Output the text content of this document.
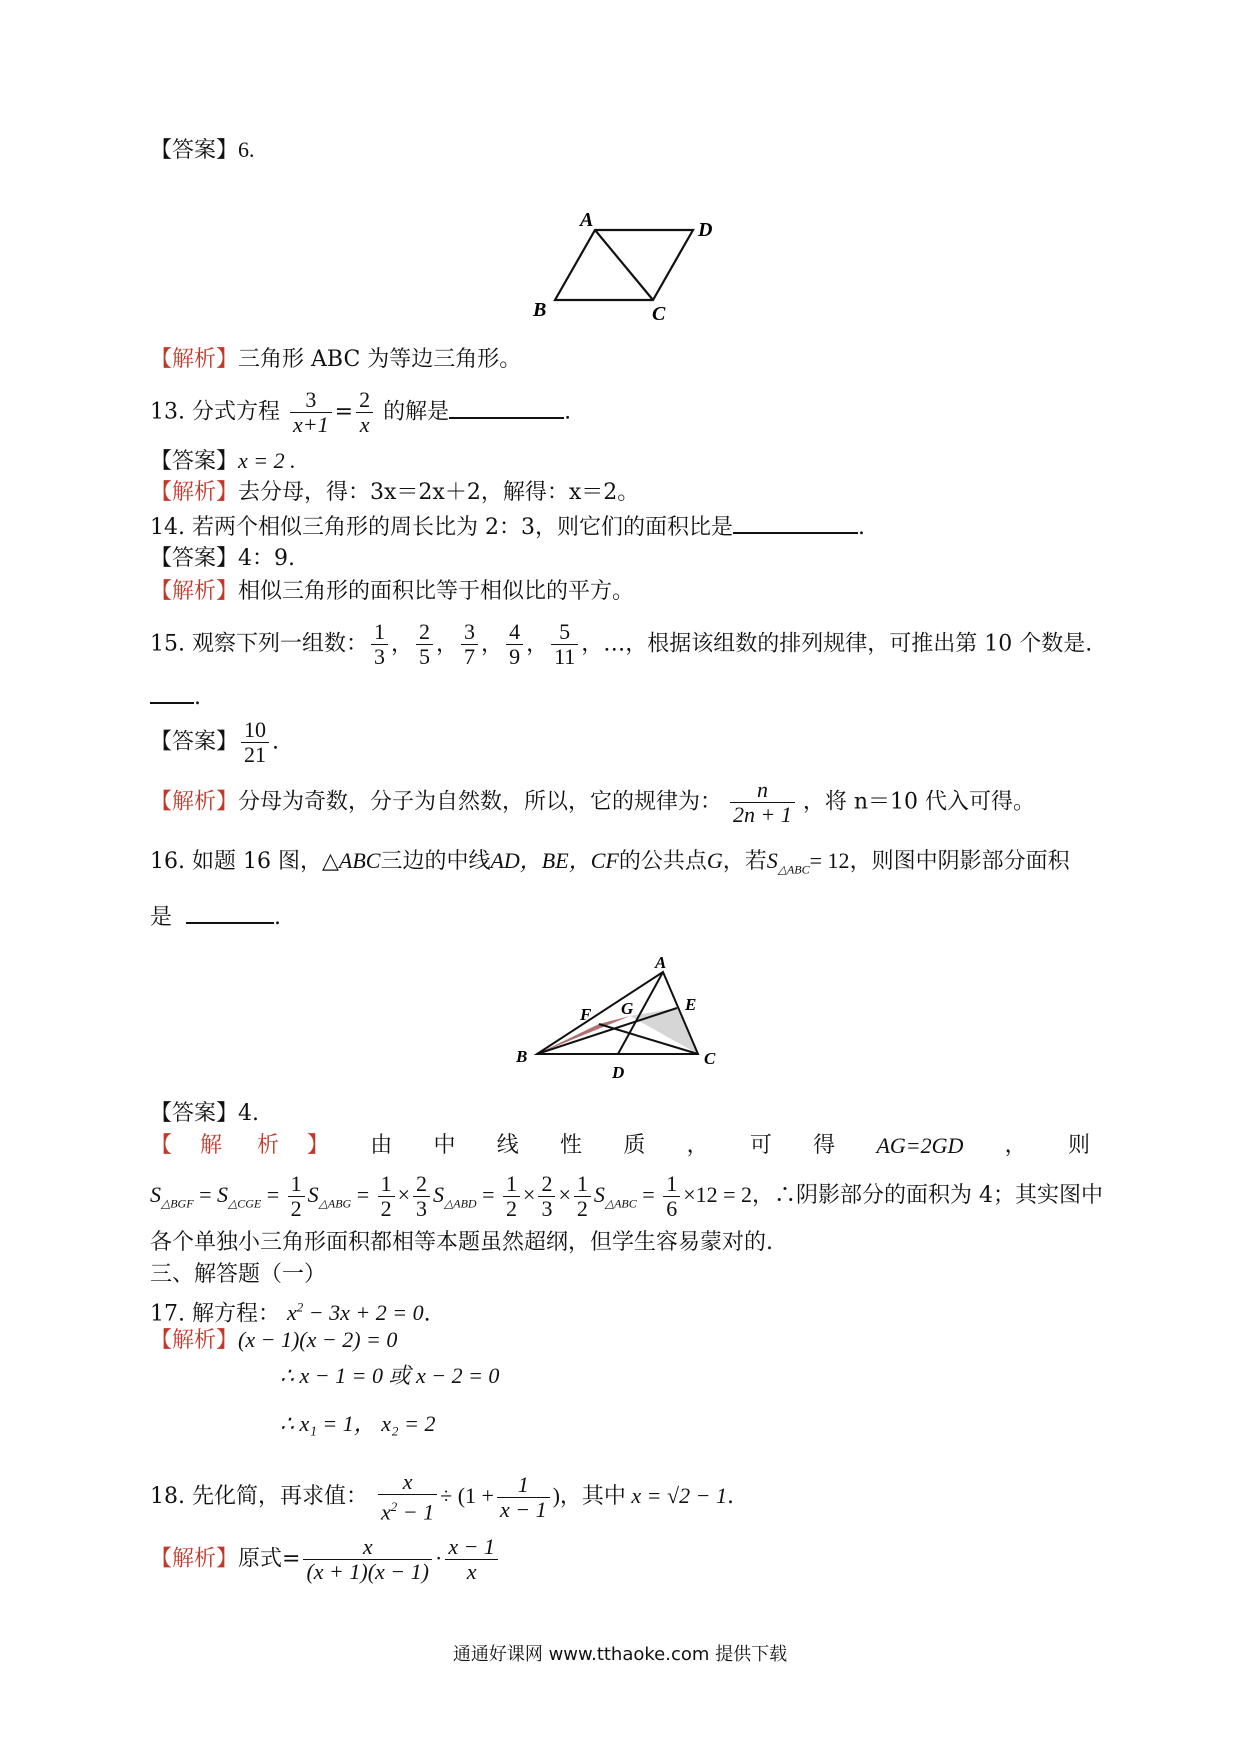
【答案】6.
A	D
B	C
【解析】三角形 ABC 为等边三角形。
13. 分式方程 $\frac{3}{x+1} = \frac{2}{x}$ 的解是	.
【答案】x = 2 .
【解析】去分母，得：3x＝2x＋2，解得：x＝2。
14. 若两个相似三角形的周长比为 2：3，则它们的面积比是	.
【答案】4：9.
【解析】相似三角形的面积比等于相似比的平方。
15. 观察下列一组数： $\frac{1}{3}$ ， $\frac{2}{5}$ ， $\frac{3}{7}$ ， $\frac{4}{9}$ ， $\frac{5}{11}$ ，…，根据该组数的排列规律，可推出第 10 个数是.
.
【答案】 $\frac{10}{21}$ .
【解析】分母为奇数，分子为自然数，所以，它的规律为： $\frac{n}{2n + 1}$ ，将 n＝10 代入可得。
16. 如题 16 图，△ABC三边的中线AD，BE，CF的公共点G，若$S_{\triangle ABC}= 12$，则图中阴影部分面积
是	.
A
F G	E
B
D
C
【答案】4.
【    解     析    】 由 中 线 性 质 ， 可 得 AG=2GD ， 则
$S_{\triangle BGF} = S_{\triangle CGE} = \frac{1}{2} S_{\triangle ABG} = \frac{1}{2} \times \frac{2}{3} S_{\triangle ABD} = \frac{1}{2} \times \frac{2}{3} \times \frac{1}{2} S_{\triangle ABC} = \frac{1}{6} \times 12 = 2$，∴阴影部分的面积为 4；其实图中
各个单独小三角形面积都相等本题虽然超纲，但学生容易蒙对的.
三、解答题（一）
17. 解方程： $x^2 - 3x + 2 = 0$.
【解析】(x − 1)(x − 2) = 0
∴ x − 1 = 0 或 x − 2 = 0
∴ x₁ = 1， x₂ = 2
18. 先化简，再求值： $\frac{x}{x^2 - 1} \div (1 + \frac{1}{x - 1}$ )，其中 x = √2 − 1.
【解析】原式= $\frac{x}{(x + 1)(x - 1)} \cdot \frac{x - 1}{x}$
通通好课网 www.tthaoke.com 提供下载
